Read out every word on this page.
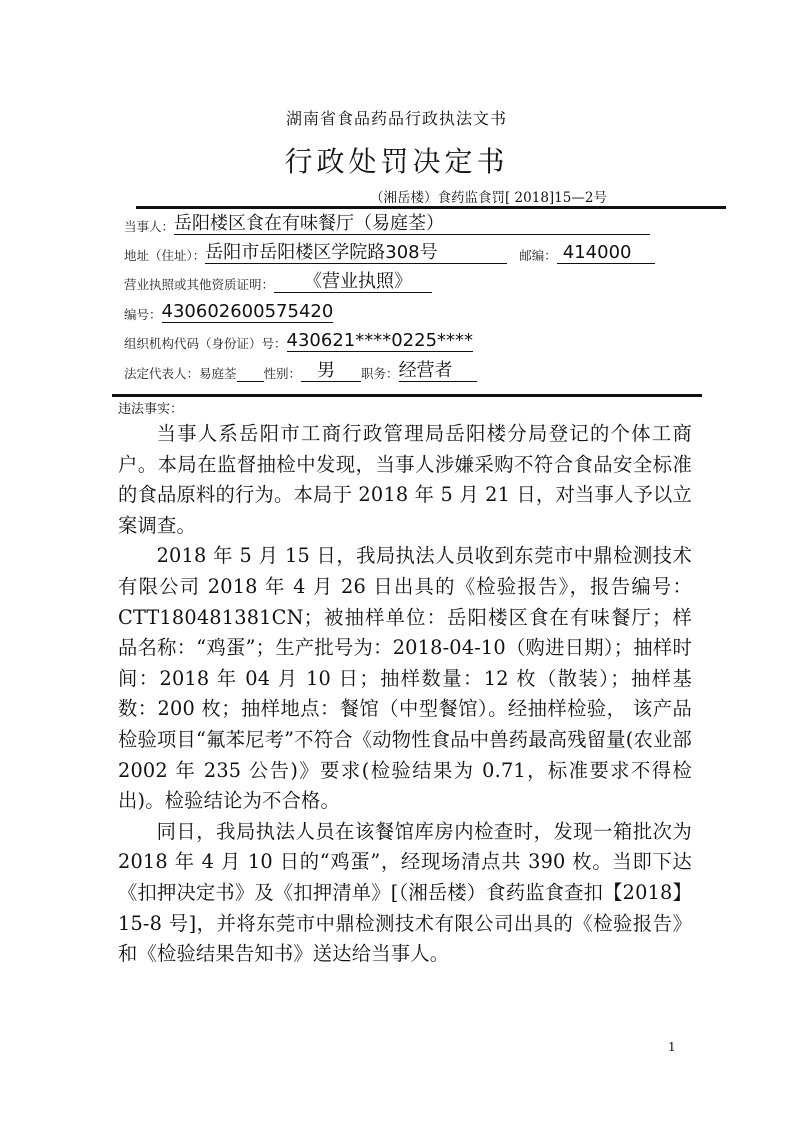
湖南省食品药品行政执法文书
行政处罚决定书
（湘岳楼）食药监食罚[ 2018]15—2号
当事人： 岳阳楼区食在有味餐厅（易庭荃）
地址（住址）： 岳阳市岳阳楼区学院路308号	邮编： 414000
营业执照或其他资质证明：	《营业执照》
编号： 430602600575420
组织机构代码（身份证）号： 430621****0225****
法定代表人： 易庭荃 性别： 男	职务： 经营者
违法事实：

当事人系岳阳市工商行政管理局岳阳楼分局登记的个体工商户。本局在监督抽检中发现，当事人涉嫌采购不符合食品安全标准的食品原料的行为。本局于 2018 年 5 月 21 日，对当事人予以立案调查。

2018 年 5 月 15 日，我局执法人员收到东莞市中鼎检测技术有限公司 2018 年 4 月 26 日出具的《检验报告》，报告编号：CTT180481381CN；被抽样单位：岳阳楼区食在有味餐厅；样品名称：“鸡蛋”；生产批号为：2018-04-10（购进日期）；抽样时间：2018 年 04 月 10 日；抽样数量：12 枚（散装）；抽样基数：200 枚；抽样地点：餐馆（中型餐馆）。经抽样检验， 该产品检验项目“氟苯尼考”不符合《动物性食品中兽药最高残留量(农业部 2002 年 235 公告)》要求(检验结果为 0.71，标准要求不得检出)。检验结论为不合格。

同日，我局执法人员在该餐馆库房内检查时，发现一箱批次为 2018 年 4 月 10 日的“鸡蛋”，经现场清点共 390 枚。当即下达《扣押决定书》及《扣押清单》[（湘岳楼）食药监食查扣【2018】15-8 号]，并将东莞市中鼎检测技术有限公司出具的《检验报告》和《检验结果告知书》送达给当事人。

1
